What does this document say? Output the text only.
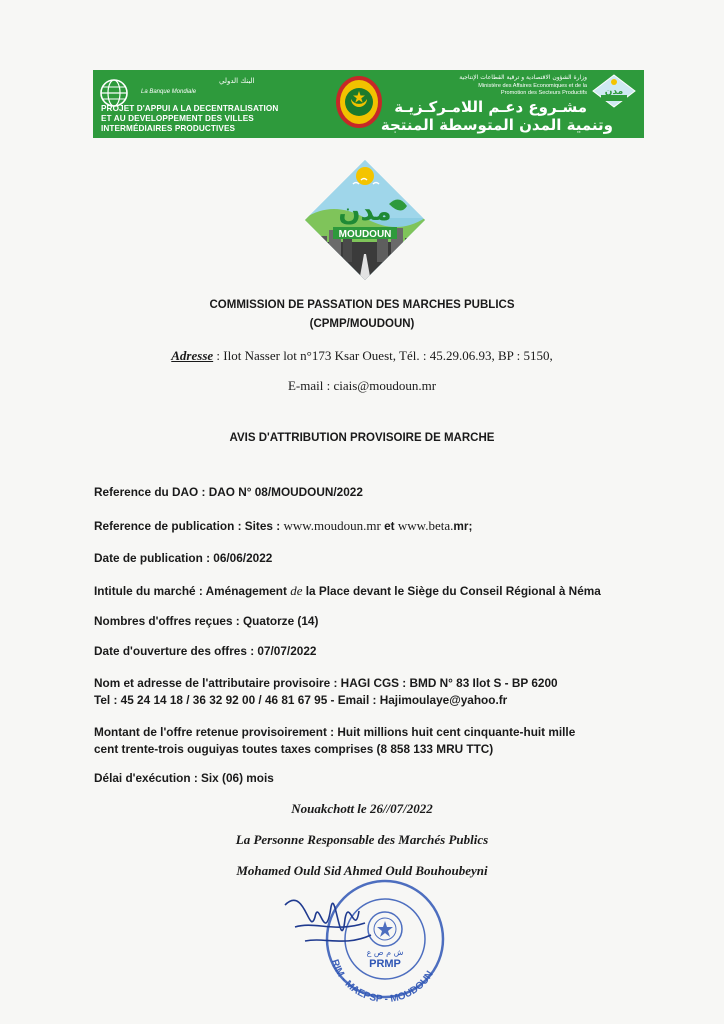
البنك الدولي
La Banque Mondiale
PROJET D'APPUI A LA DECENTRALISATION
ET AU DEVELOPPEMENT DES VILLES
INTERMÉDIAIRES PRODUCTIVES
وزارة الشؤون الاقتصادية و ترقية القطاعات الإنتاجية
Ministère des Affaires Economiques et de la
Promotion des Secteurs Productifs
مشـروع دعـم اللامـركـزيـة
وتنمية المدن المتوسطة المنتجة
مدن
مدن
MOUDOUN
COMMISSION DE PASSATION DES MARCHES PUBLICS
(CPMP/MOUDOUN)
Adresse : Ilot Nasser lot n°173 Ksar Ouest, Tél. : 45.29.06.93, BP : 5150,
E-mail : ciais@moudoun.mr
AVIS D'ATTRIBUTION PROVISOIRE DE MARCHE
Reference du DAO : DAO N° 08/MOUDOUN/2022
Reference de publication : Sites : www.moudoun.mr et www.beta.mr;
Date de publication : 06/06/2022
Intitule du marché : Aménagement de la Place devant le Siège du Conseil Régional à Néma
Nombres d'offres reçues : Quatorze (14)
Date d'ouverture des offres : 07/07/2022
Nom et adresse de l'attributaire provisoire : HAGI CGS : BMD N° 83 Ilot S - BP 6200
Tel : 45 24 14 18 / 36 32 92 00 / 46 81 67 95 - Email : Hajimoulaye@yahoo.fr
Montant de l'offre retenue provisoirement : Huit millions huit cent cinquante-huit mille
cent trente-trois ouguiyas toutes taxes comprises (8 858 133 MRU TTC)
Délai d'exécution : Six (06) mois
Nouakchott le 26//07/2022
La Personne Responsable des Marchés Publics
Mohamed Ould Sid Ahmed Ould Bouhoubeyni
ش م ص ع
PRMP
RIM - MAEPSP - MOUDOUN
